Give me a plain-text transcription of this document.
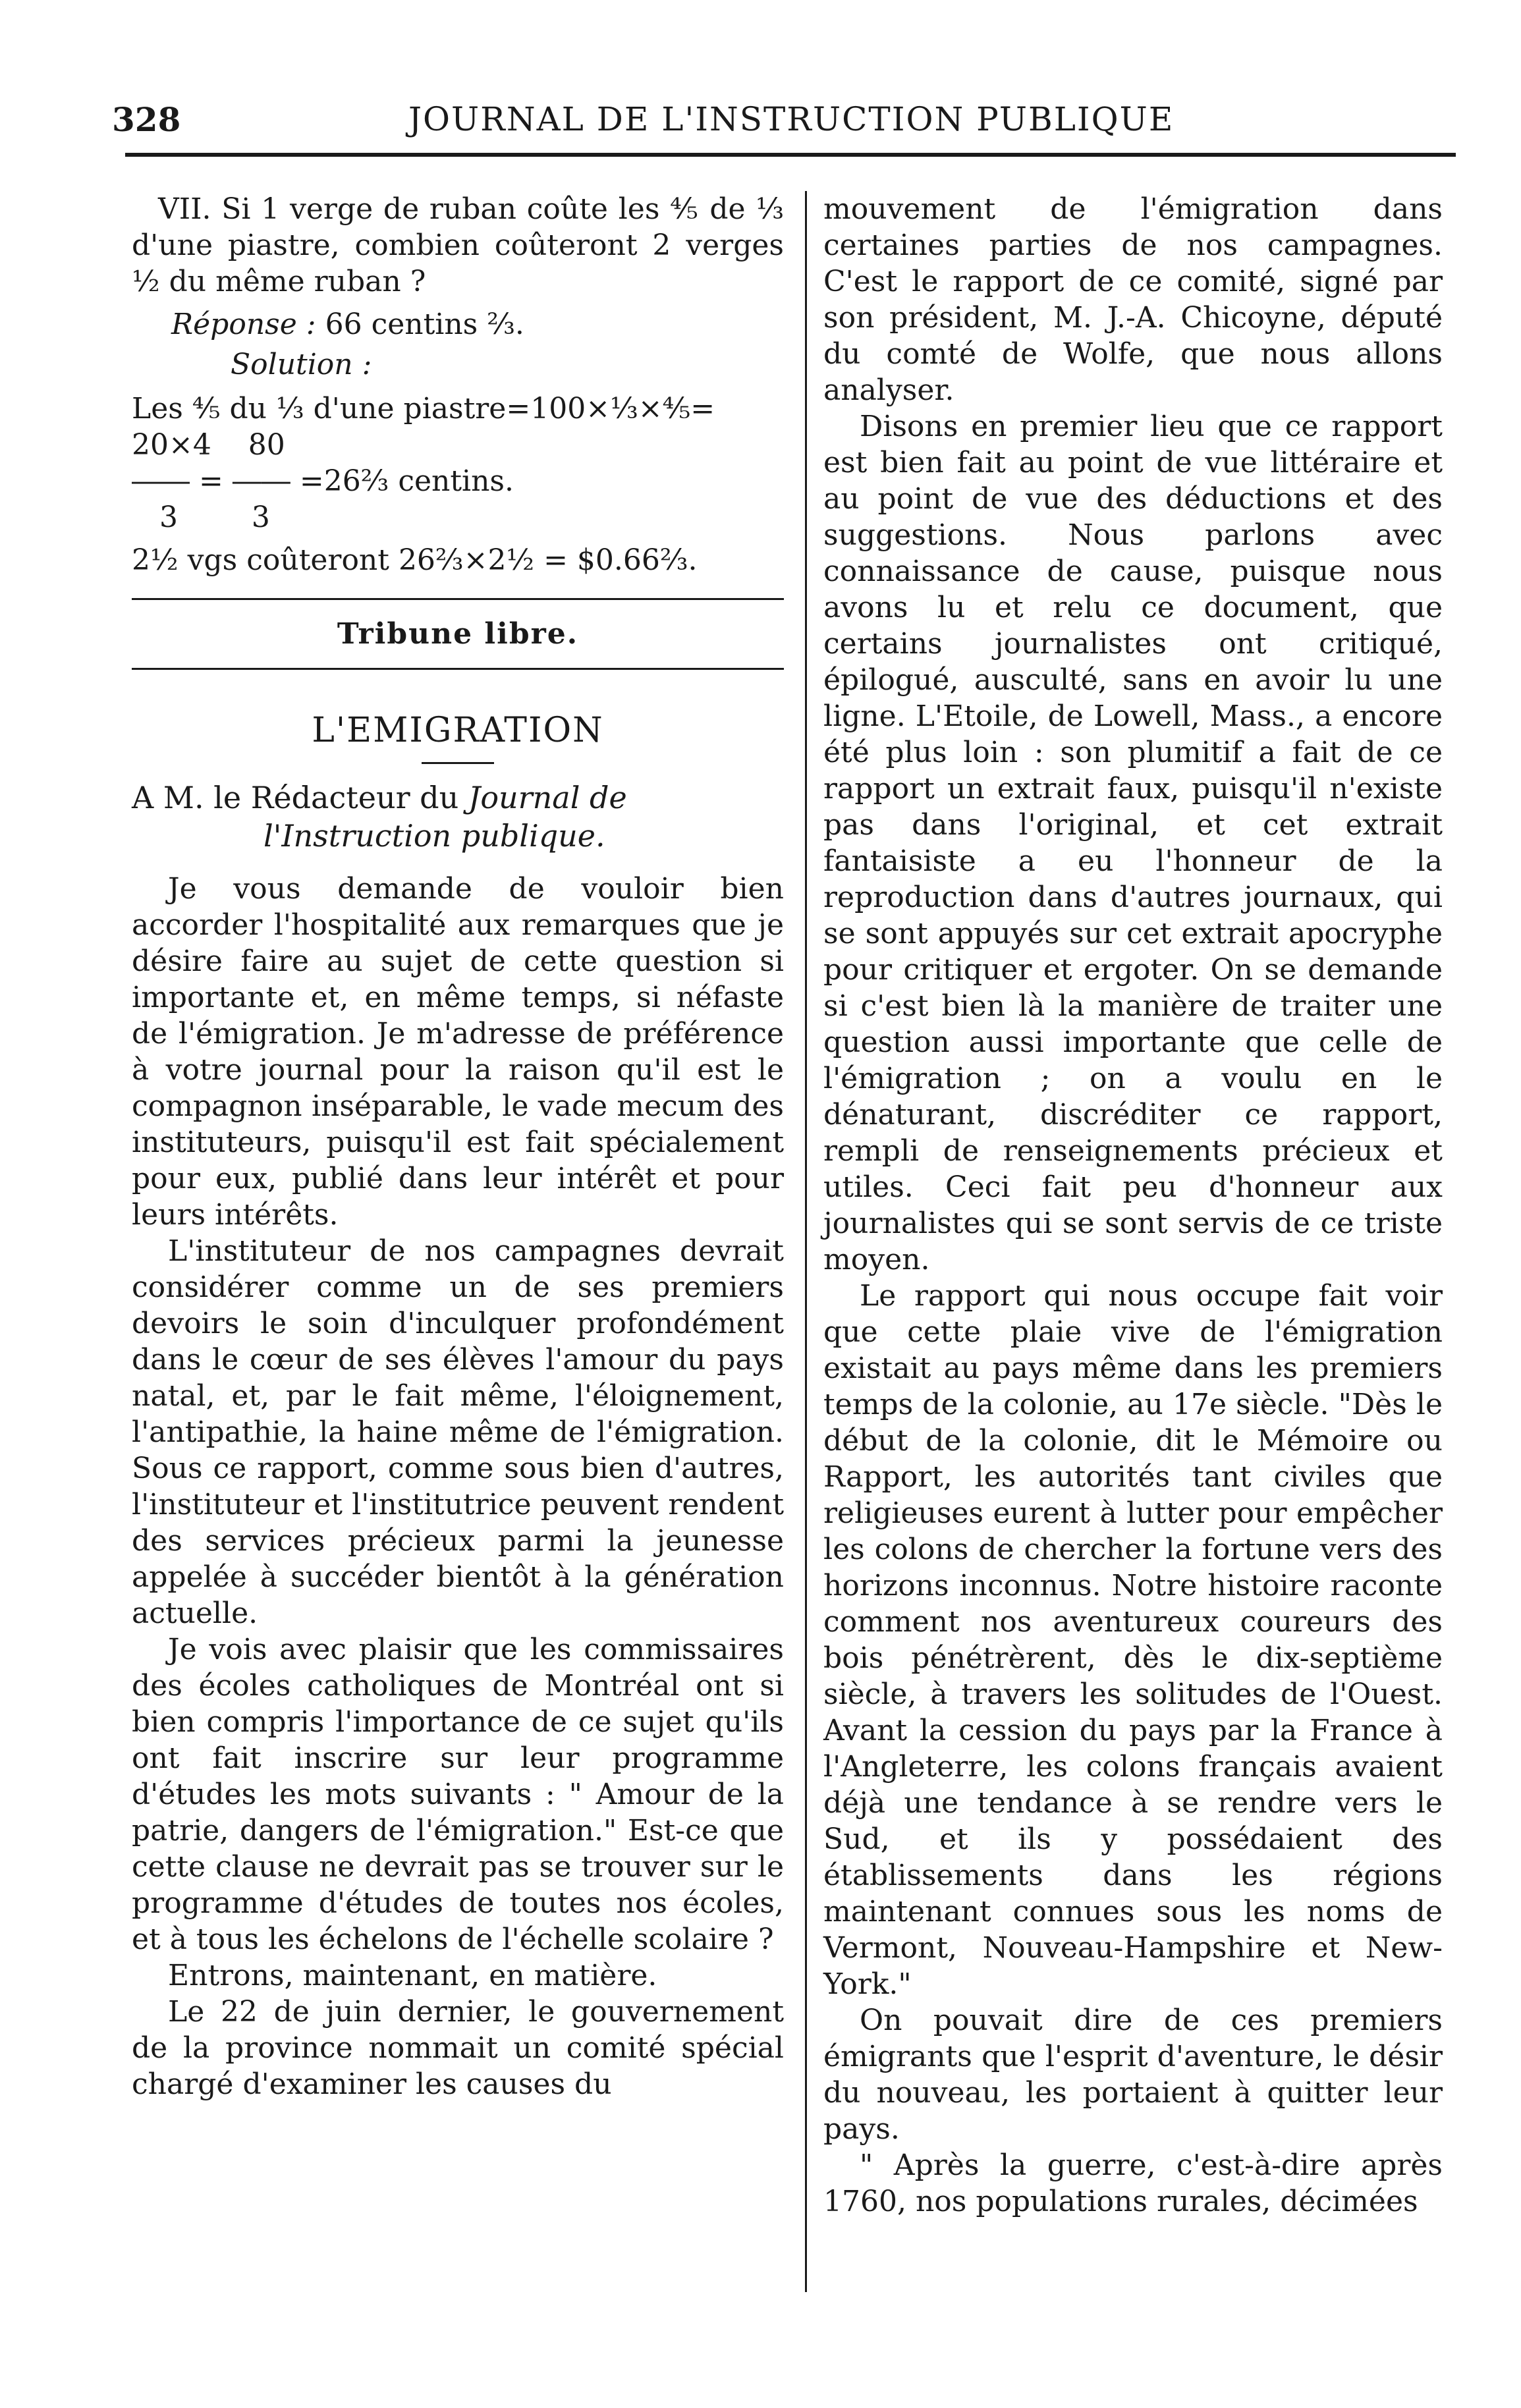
328	JOURNAL DE L'INSTRUCTION PUBLIQUE

VII. Si 1 verge de ruban coûte les ⅘ de ⅓ d'une piastre, combien coûteront 2 verges ½ du même ruban ?

Réponse : 66 centins ⅔.

Solution :

Les ⅘ du ⅓ d'une piastre=100×⅓×⅘=

20×4    80

―― = ―― =26⅔ centins.

3        3

2½ vgs coûteront 26⅔×2½ = $0.66⅔.

Tribune libre.
L'EMIGRATION

A M. le Rédacteur du Journal de

l'Instruction publique.

Je vous demande de vouloir bien accorder l'hospitalité aux remarques que je désire faire au sujet de cette question si importante et, en même temps, si néfaste de l'émigration. Je m'adresse de préférence à votre journal pour la raison qu'il est le compagnon inséparable, le vade mecum des instituteurs, puisqu'il est fait spécialement pour eux, publié dans leur intérêt et pour leurs intérêts.

L'instituteur de nos campagnes devrait considérer comme un de ses premiers devoirs le soin d'inculquer profondément dans le cœur de ses élèves l'amour du pays natal, et, par le fait même, l'éloignement, l'antipathie, la haine même de l'émigration. Sous ce rapport, comme sous bien d'autres, l'instituteur et l'institutrice peuvent rendent des services précieux parmi la jeunesse appelée à succéder bientôt à la génération actuelle.

Je vois avec plaisir que les commissaires des écoles catholiques de Montréal ont si bien compris l'importance de ce sujet qu'ils ont fait inscrire sur leur programme d'études les mots suivants : " Amour de la patrie, dangers de l'émigration." Est-ce que cette clause ne devrait pas se trouver sur le programme d'études de toutes nos écoles, et à tous les échelons de l'échelle scolaire ?

Entrons, maintenant, en matière.

Le 22 de juin dernier, le gouvernement de la province nommait un comité spécial chargé d'examiner les causes du

mouvement de l'émigration dans certaines parties de nos campagnes. C'est le rapport de ce comité, signé par son président, M. J.-A. Chicoyne, député du comté de Wolfe, que nous allons analyser.

Disons en premier lieu que ce rapport est bien fait au point de vue littéraire et au point de vue des déductions et des suggestions. Nous parlons avec connaissance de cause, puisque nous avons lu et relu ce document, que certains journalistes ont critiqué, épilogué, ausculté, sans en avoir lu une ligne. L'Etoile, de Lowell, Mass., a encore été plus loin : son plumitif a fait de ce rapport un extrait faux, puisqu'il n'existe pas dans l'original, et cet extrait fantaisiste a eu l'honneur de la reproduction dans d'autres journaux, qui se sont appuyés sur cet extrait apocryphe pour critiquer et ergoter. On se demande si c'est bien là la manière de traiter une question aussi importante que celle de l'émigration ; on a voulu en le dénaturant, discréditer ce rapport, rempli de renseignements précieux et utiles. Ceci fait peu d'honneur aux journalistes qui se sont servis de ce triste moyen.

Le rapport qui nous occupe fait voir que cette plaie vive de l'émigration existait au pays même dans les premiers temps de la colonie, au 17e siècle. "Dès le début de la colonie, dit le Mémoire ou Rapport, les autorités tant civiles que religieuses eurent à lutter pour empêcher les colons de chercher la fortune vers des horizons inconnus. Notre histoire raconte comment nos aventureux coureurs des bois pénétrèrent, dès le dix-septième siècle, à travers les solitudes de l'Ouest. Avant la cession du pays par la France à l'Angleterre, les colons français avaient déjà une tendance à se rendre vers le Sud, et ils y possédaient des établissements dans les régions maintenant connues sous les noms de Vermont, Nouveau-Hampshire et New-York."

On pouvait dire de ces premiers émigrants que l'esprit d'aventure, le désir du nouveau, les portaient à quitter leur pays.

" Après la guerre, c'est-à-dire après 1760, nos populations rurales, décimées
